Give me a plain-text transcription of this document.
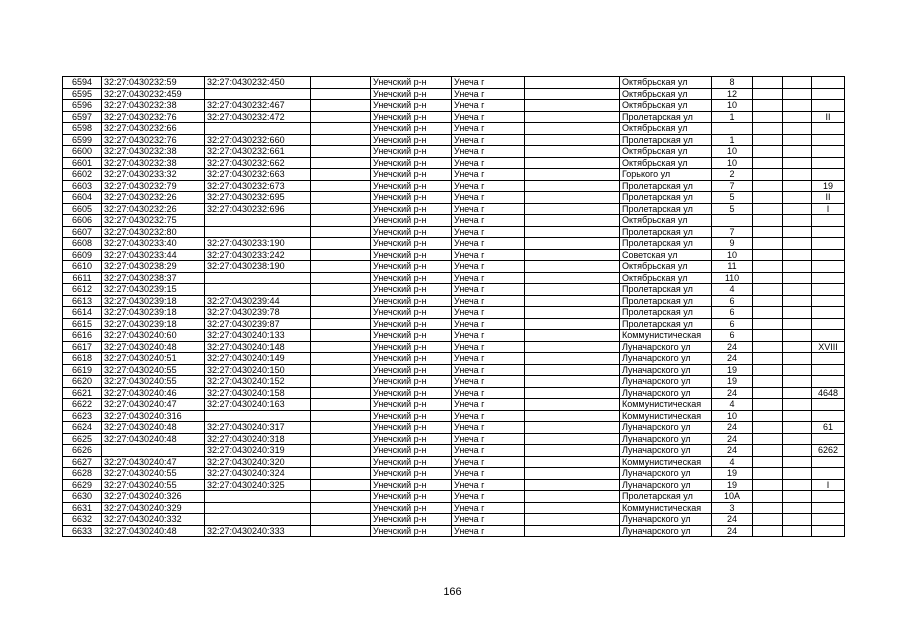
6594	32:27:0430232:59	32:27:0430232:450		Унечский р-н	Унеча г		Октябрьская ул	8			
6595	32:27:0430232:459			Унечский р-н	Унеча г		Октябрьская ул	12			
6596	32:27:0430232:38	32:27:0430232:467		Унечский р-н	Унеча г		Октябрьская ул	10			
6597	32:27:0430232:76	32:27:0430232:472		Унечский р-н	Унеча г		Пролетарская ул	1			II
6598	32:27:0430232:66			Унечский р-н	Унеча г		Октябрьская ул				
6599	32:27:0430232:76	32:27:0430232:660		Унечский р-н	Унеча г		Пролетарская ул	1			
6600	32:27:0430232:38	32:27:0430232:661		Унечский р-н	Унеча г		Октябрьская ул	10			
6601	32:27:0430232:38	32:27:0430232:662		Унечский р-н	Унеча г		Октябрьская ул	10			
6602	32:27:0430233:32	32:27:0430232:663		Унечский р-н	Унеча г		Горького ул	2			
6603	32:27:0430232:79	32:27:0430232:673		Унечский р-н	Унеча г		Пролетарская ул	7			19
6604	32:27:0430232:26	32:27:0430232:695		Унечский р-н	Унеча г		Пролетарская ул	5			II
6605	32:27:0430232:26	32:27:0430232:696		Унечский р-н	Унеча г		Пролетарская ул	5			I
6606	32:27:0430232:75			Унечский р-н	Унеча г		Октябрьская ул				
6607	32:27:0430232:80			Унечский р-н	Унеча г		Пролетарская ул	7			
6608	32:27:0430233:40	32:27:0430233:190		Унечский р-н	Унеча г		Пролетарская ул	9			
6609	32:27:0430233:44	32:27:0430233:242		Унечский р-н	Унеча г		Советская ул	10			
6610	32:27:0430238:29	32:27:0430238:190		Унечский р-н	Унеча г		Октябрьская ул	11			
6611	32:27:0430238:37			Унечский р-н	Унеча г		Октябрьская ул	110			
6612	32:27:0430239:15			Унечский р-н	Унеча г		Пролетарская ул	4			
6613	32:27:0430239:18	32:27:0430239:44		Унечский р-н	Унеча г		Пролетарская ул	6			
6614	32:27:0430239:18	32:27:0430239:78		Унечский р-н	Унеча г		Пролетарская ул	6			
6615	32:27:0430239:18	32:27:0430239:87		Унечский р-н	Унеча г		Пролетарская ул	6			
6616	32:27:0430240:60	32:27:0430240:133		Унечский р-н	Унеча г		Коммунистическая	6			
6617	32:27:0430240:48	32:27:0430240:148		Унечский р-н	Унеча г		Луначарского ул	24			XVIII
6618	32:27:0430240:51	32:27:0430240:149		Унечский р-н	Унеча г		Луначарского ул	24			
6619	32:27:0430240:55	32:27:0430240:150		Унечский р-н	Унеча г		Луначарского ул	19			
6620	32:27:0430240:55	32:27:0430240:152		Унечский р-н	Унеча г		Луначарского ул	19			
6621	32:27:0430240:46	32:27:0430240:158		Унечский р-н	Унеча г		Луначарского ул	24			4648
6622	32:27:0430240:47	32:27:0430240:163		Унечский р-н	Унеча г		Коммунистическая	4			
6623	32:27:0430240:316			Унечский р-н	Унеча г		Коммунистическая	10			
6624	32:27:0430240:48	32:27:0430240:317		Унечский р-н	Унеча г		Луначарского ул	24			61
6625	32:27:0430240:48	32:27:0430240:318		Унечский р-н	Унеча г		Луначарского ул	24			
6626		32:27:0430240:319		Унечский р-н	Унеча г		Луначарского ул	24			6262
6627	32:27:0430240:47	32:27:0430240:320		Унечский р-н	Унеча г		Коммунистическая	4			
6628	32:27:0430240:55	32:27:0430240:324		Унечский р-н	Унеча г		Луначарского ул	19			
6629	32:27:0430240:55	32:27:0430240:325		Унечский р-н	Унеча г		Луначарского ул	19			I
6630	32:27:0430240:326			Унечский р-н	Унеча г		Пролетарская ул	10А			
6631	32:27:0430240:329			Унечский р-н	Унеча г		Коммунистическая	3			
6632	32:27:0430240:332			Унечский р-н	Унеча г		Луначарского ул	24			
6633	32:27:0430240:48	32:27:0430240:333		Унечский р-н	Унеча г		Луначарского ул	24			
166
